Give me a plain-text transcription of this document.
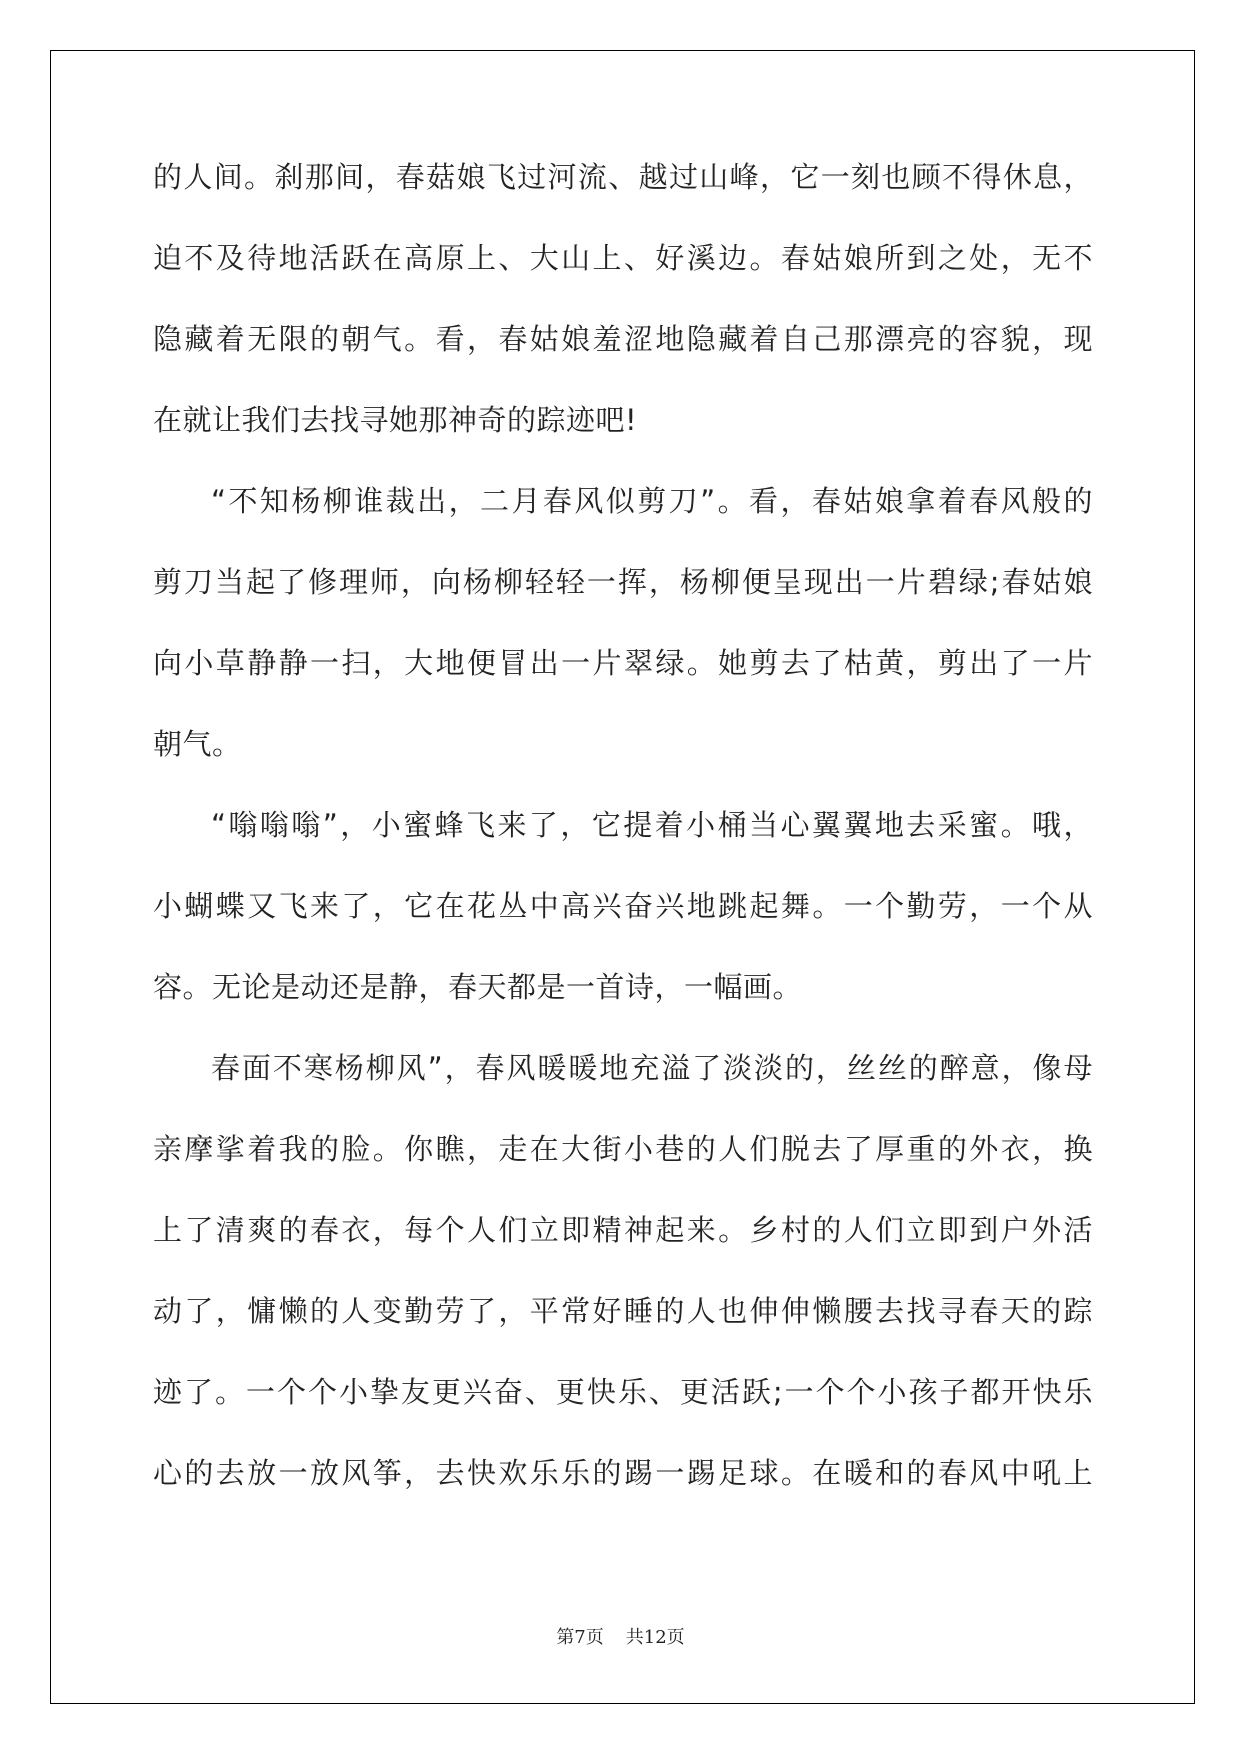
的人间。刹那间，春菇娘飞过河流、越过山峰，它一刻也顾不得休息，
迫不及待地活跃在高原上、大山上、好溪边。春姑娘所到之处，无不
隐藏着无限的朝气。看，春姑娘羞涩地隐藏着自己那漂亮的容貌，现
在就让我们去找寻她那神奇的踪迹吧!
“不知杨柳谁裁出，二月春风似剪刀”。看，春姑娘拿着春风般的
剪刀当起了修理师，向杨柳轻轻一挥，杨柳便呈现出一片碧绿;春姑娘
向小草静静一扫，大地便冒出一片翠绿。她剪去了枯黄，剪出了一片
朝气。
“嗡嗡嗡”，小蜜蜂飞来了，它提着小桶当心翼翼地去采蜜。哦，
小蝴蝶又飞来了，它在花丛中高兴奋兴地跳起舞。一个勤劳，一个从
容。无论是动还是静，春天都是一首诗，一幅画。
春面不寒杨柳风”，春风暖暖地充溢了淡淡的，丝丝的醉意，像母
亲摩挲着我的脸。你瞧，走在大街小巷的人们脱去了厚重的外衣，换
上了清爽的春衣，每个人们立即精神起来。乡村的人们立即到户外活
动了，慵懒的人变勤劳了，平常好睡的人也伸伸懒腰去找寻春天的踪
迹了。一个个小挚友更兴奋、更快乐、更活跃;一个个小孩子都开快乐
心的去放一放风筝，去快欢乐乐的踢一踢足球。在暖和的春风中吼上
第7页 共12页
